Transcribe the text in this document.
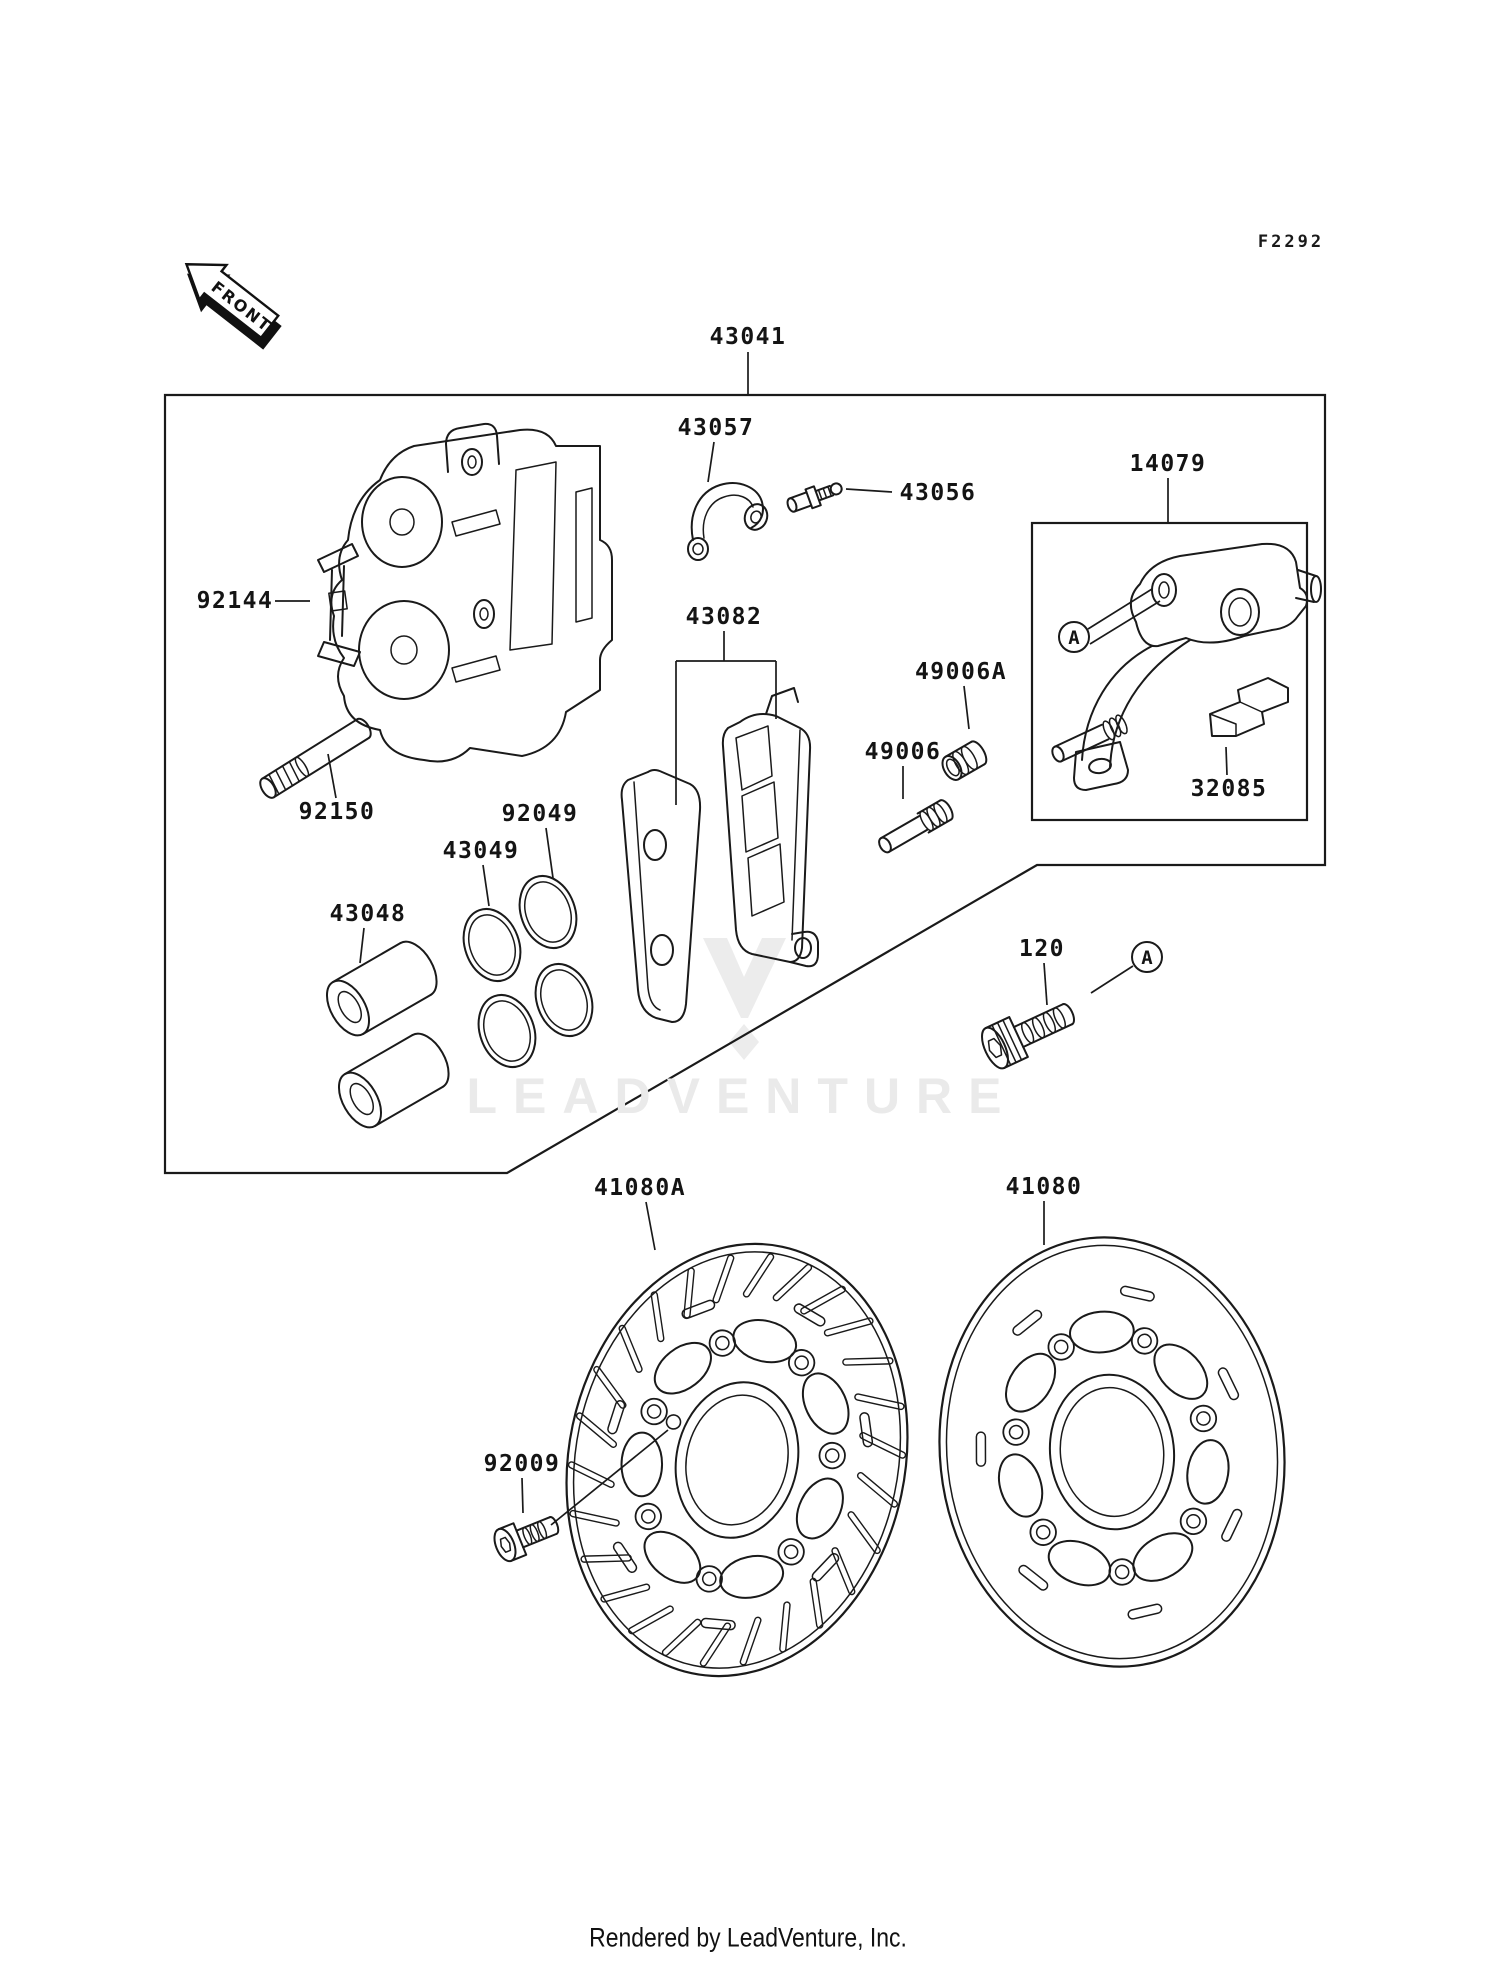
FRONT
A
A
F2292
43041
43057
43056
14079
92144
43082
49006A
49006
32085
92150	92049
43049
43048
120
41080A	41080
92009
LEADVENTURE
Rendered by LeadVenture, Inc.
